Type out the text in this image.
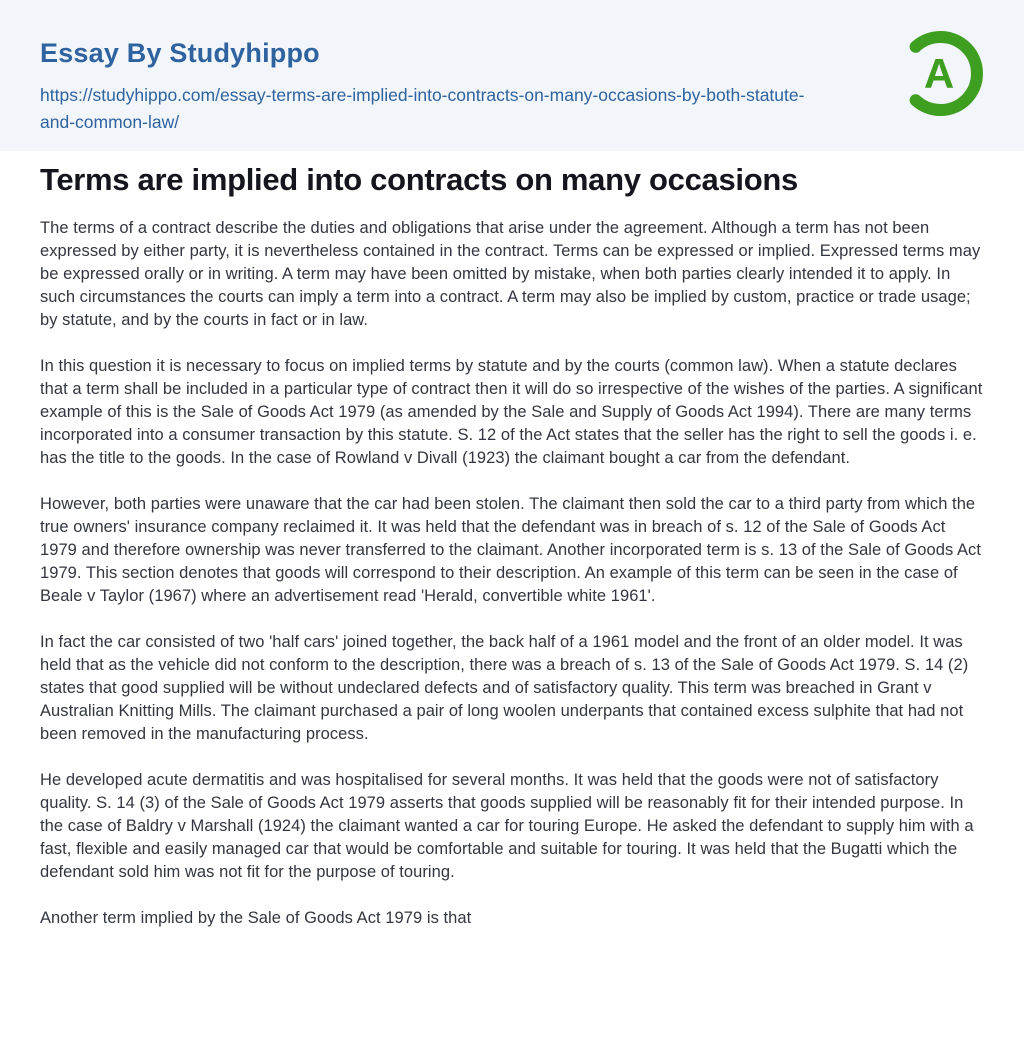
Essay By Studyhippo
https://studyhippo.com/essay-terms-are-implied-into-contracts-on-many-occasions-by-both-statute-and-common-law/
A
Terms are implied into contracts on many occasions

The terms of a contract describe the duties and obligations that arise under the agreement. Although a term has not been expressed by either party, it is nevertheless contained in the contract. Terms can be expressed or implied. Expressed terms may be expressed orally or in writing. A term may have been omitted by mistake, when both parties clearly intended it to apply. In such circumstances the courts can imply a term into a contract. A term may also be implied by custom, practice or trade usage; by statute, and by the courts in fact or in law.

In this question it is necessary to focus on implied terms by statute and by the courts (common law). When a statute declares that a term shall be included in a particular type of contract then it will do so irrespective of the wishes of the parties. A significant example of this is the Sale of Goods Act 1979 (as amended by the Sale and Supply of Goods Act 1994). There are many terms incorporated into a consumer transaction by this statute. S. 12 of the Act states that the seller has the right to sell the goods i. e. has the title to the goods. In the case of Rowland v Divall (1923) the claimant bought a car from the defendant.

However, both parties were unaware that the car had been stolen. The claimant then sold the car to a third party from which the true owners' insurance company reclaimed it. It was held that the defendant was in breach of s. 12 of the Sale of Goods Act 1979 and therefore ownership was never transferred to the claimant. Another incorporated term is s. 13 of the Sale of Goods Act 1979. This section denotes that goods will correspond to their description. An example of this term can be seen in the case of Beale v Taylor (1967) where an advertisement read 'Herald, convertible white 1961'.

In fact the car consisted of two 'half cars' joined together, the back half of a 1961 model and the front of an older model. It was held that as the vehicle did not conform to the description, there was a breach of s. 13 of the Sale of Goods Act 1979. S. 14 (2) states that good supplied will be without undeclared defects and of satisfactory quality. This term was breached in Grant v Australian Knitting Mills. The claimant purchased a pair of long woolen underpants that contained excess sulphite that had not been removed in the manufacturing process.

He developed acute dermatitis and was hospitalised for several months. It was held that the goods were not of satisfactory quality. S. 14 (3) of the Sale of Goods Act 1979 asserts that goods supplied will be reasonably fit for their intended purpose. In the case of Baldry v Marshall (1924) the claimant wanted a car for touring Europe. He asked the defendant to supply him with a fast, flexible and easily managed car that would be comfortable and suitable for touring. It was held that the Bugatti which the defendant sold him was not fit for the purpose of touring.

Another term implied by the Sale of Goods Act 1979 is that
